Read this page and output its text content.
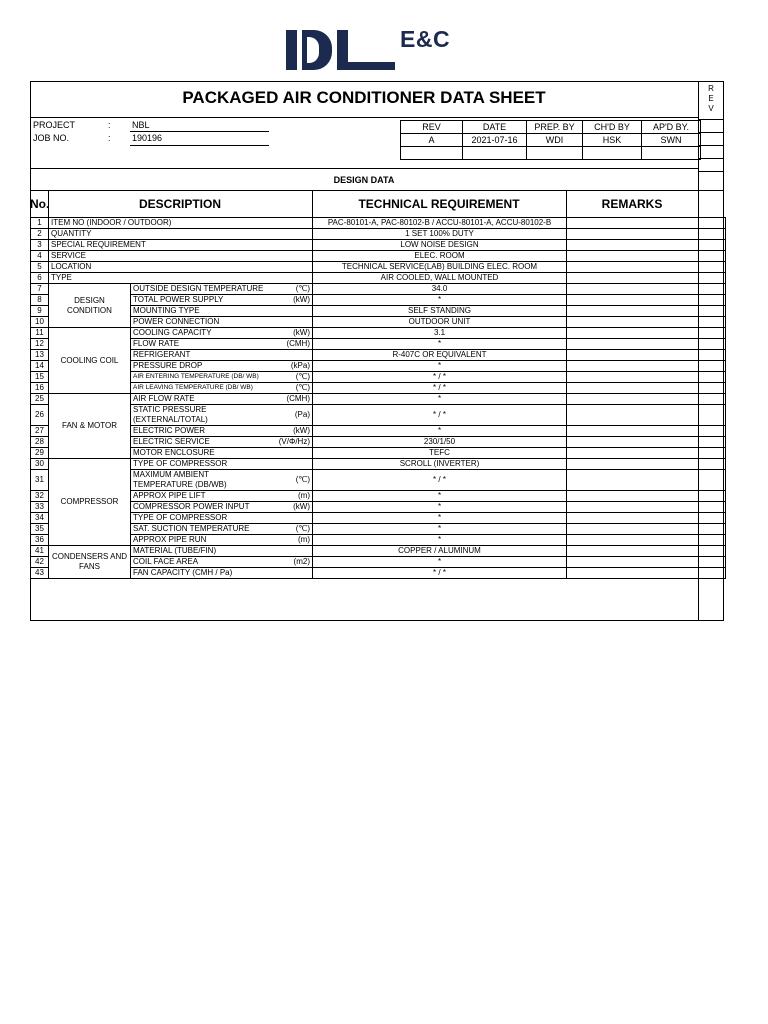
E&C
R
E
V
PACKAGED AIR CONDITIONER DATA SHEET
PROJECT	: NBL
JOB NO.	: 190196
REV	DATE	PREP. BY	CH'D BY	AP'D BY.
A	2021-07-16	WDI	HSK	SWN

DESIGN DATA
No.	DESCRIPTION	TECHNICAL REQUIREMENT	REMARKS
1	ITEM NO (INDOOR / OUTDOOR)		PAC-80101-A, PAC-80102-B / ACCU-80101-A, ACCU-80102-B		
2	QUANTITY		1 SET 100% DUTY		
3	SPECIAL REQUIREMENT		LOW NOISE DESIGN		
4	SERVICE		ELEC. ROOM		
5	LOCATION		TECHNICAL SERVICE(LAB) BUILDING ELEC. ROOM		
6	TYPE		AIR COOLED, WALL MOUNTED		
7	DESIGN CONDITION	OUTSIDE DESIGN TEMPERATURE (℃)	34.0		
8		TOTAL POWER SUPPLY (kW)	*		
9		MOUNTING TYPE	SELF STANDING		
10		POWER CONNECTION	OUTDOOR UNIT		
11	COOLING COIL	COOLING CAPACITY (kW)	3.1		
12		FLOW RATE (CMH)	*		
13		REFRIGERANT	R-407C OR EQUIVALENT		
14		PRESSURE DROP (kPa)	*		
15		AIR ENTERING TEMPERATURE (DB/ WB) (℃)	* / *		
16		AIR LEAVING TEMPERATURE (DB/ WB) (℃)	* / *		
25	FAN & MOTOR	AIR FLOW RATE (CMH)	*		
26		STATIC PRESSURE (EXTERNAL/TOTAL)
(Pa)	* / *		
27		ELECTRIC POWER (kW)	*		
28		ELECTRIC SERVICE (V/Φ/Hz)	230/1/50		
29		MOTOR ENCLOSURE	TEFC		
30	COMPRESSOR	TYPE OF COMPRESSOR	SCROLL (INVERTER)		
31		MAXIMUM AMBIENT TEMPERATURE (DB/WB)
(℃)	* / *		
32		APPROX PIPE LIFT (m)	*		
33		COMPRESSOR POWER INPUT (kW)	*		
34		TYPE OF COMPRESSOR	*		
35		SAT. SUCTION TEMPERATURE (℃)	*		
36		APPROX PIPE RUN (m)	*		
41	CONDENSERS AND FANS	MATERIAL (TUBE/FIN)	COPPER / ALUMINUM		
42		COIL FACE AREA (m2)	*		
43		FAN CAPACITY (CMH / Pa)	* / *		
